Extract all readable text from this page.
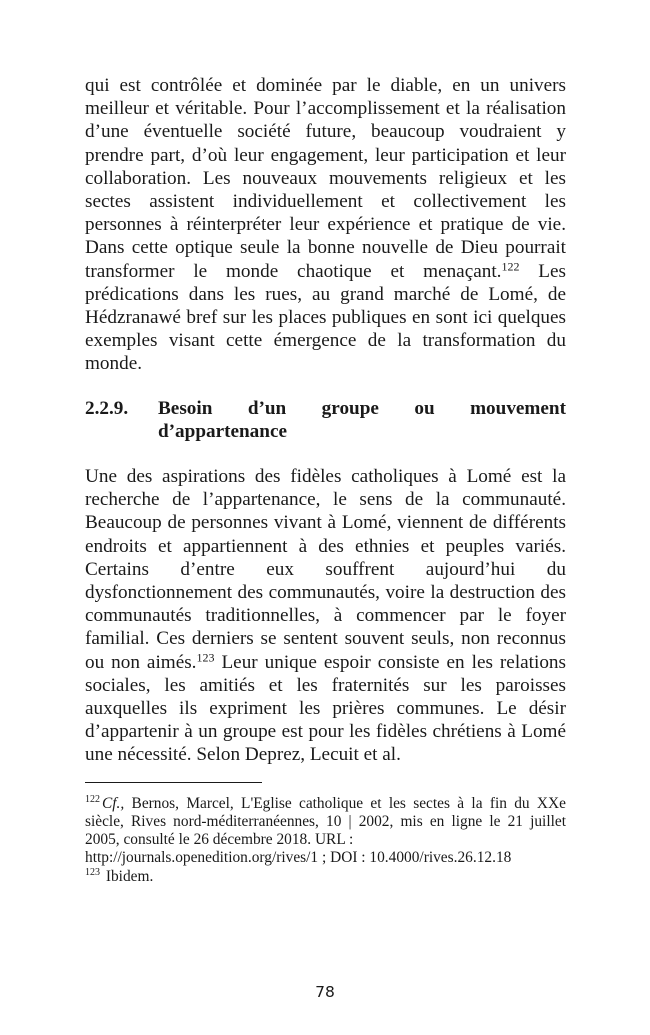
qui est contrôlée et dominée par le diable, en un univers meilleur et véritable. Pour l’accomplissement et la réalisation d’une éventuelle société future, beaucoup voudraient y prendre part, d’où leur engagement, leur participation et leur collaboration. Les nouveaux mouvements religieux et les sectes assistent individuellement et collectivement les personnes à réinterpréter leur expérience et pratique de vie. Dans cette optique seule la bonne nouvelle de Dieu pourrait transformer le monde chaotique et menaçant.$^{122}$ Les prédications dans les rues, au grand marché de Lomé, de Hédzranawé bref sur les places publiques en sont ici quelques exemples visant cette émergence de la transformation du monde.

2.2.9.	Besoin d’un groupe ou mouvement d’appartenance

Une des aspirations des fidèles catholiques à Lomé est la recherche de l’appartenance, le sens de la communauté. Beaucoup de personnes vivant à Lomé, viennent de différents endroits et appartiennent à des ethnies et peuples variés. Certains d’entre eux souffrent aujourd’hui du dysfonctionnement des communautés, voire la destruction des communautés traditionnelles, à commencer par le foyer familial. Ces derniers se sentent souvent seuls, non reconnus ou non aimés.$^{123}$ Leur unique espoir consiste en les relations sociales, les amitiés et les fraternités sur les paroisses auxquelles ils expriment les prières communes. Le désir d’appartenir à un groupe est pour les fidèles chrétiens à Lomé une nécessité. Selon Deprez, Lecuit et al.

$^{122}$ Cf., Bernos, Marcel, L'Eglise catholique et les sectes à la fin du XXe siècle, Rives nord-méditerranéennes, 10 | 2002, mis en ligne le 21 juillet 2005, consulté le 26 décembre 2018. URL :
http://journals.openedition.org/rives/1 ; DOI : 10.4000/rives.26.12.18

$^{123}$ Ibidem.

78
